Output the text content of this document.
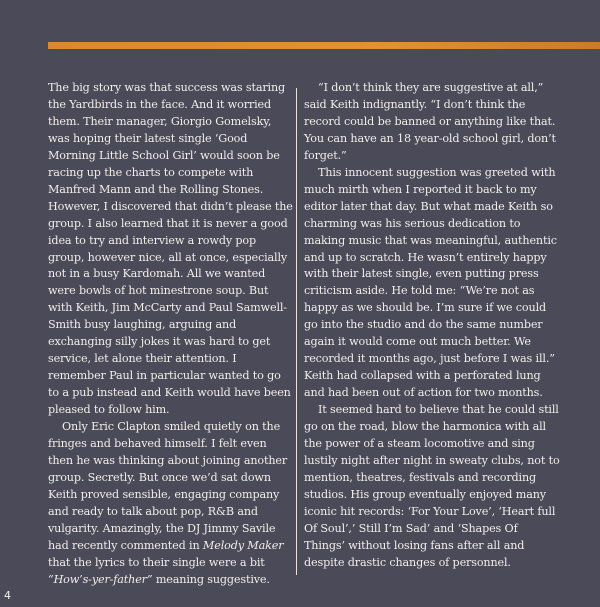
The big story was that success was staring the Yardbirds in the face. And it worried them. Their manager, Giorgio Gomelsky, was hoping their latest single ‘Good Morning Little School Girl’ would soon be racing up the charts to compete with Manfred Mann and the Rolling Stones. However, I discovered that didn’t please the group. I also learned that it is never a good idea to try and interview a rowdy pop group, however nice, all at once, especially not in a busy Kardomah. All we wanted were bowls of hot minestrone soup. But with Keith, Jim McCarty and Paul Samwell-Smith busy laughing, arguing and exchanging silly jokes it was hard to get service, let alone their attention. I remember Paul in particular wanted to go to a pub instead and Keith would have been pleased to follow him.

Only Eric Clapton smiled quietly on the fringes and behaved himself. I felt even then he was thinking about joining another group. Secretly. But once we’d sat down Keith proved sensible, engaging company and ready to talk about pop, R&B and vulgarity. Amazingly, the DJ Jimmy Savile had recently commented in Melody Maker that the lyrics to their single were a bit “How’s-yer-father” meaning suggestive.

“I don’t think they are suggestive at all,” said Keith indignantly. “I don’t think the record could be banned or anything like that. You can have an 18 year-old school girl, don’t forget.”

This innocent suggestion was greeted with much mirth when I reported it back to my editor later that day. But what made Keith so charming was his serious dedication to making music that was meaningful, authentic and up to scratch. He wasn’t entirely happy with their latest single, even putting press criticism aside. He told me: “We’re not as happy as we should be. I’m sure if we could go into the studio and do the same number again it would come out much better. We recorded it months ago, just before I was ill.” Keith had collapsed with a perforated lung and had been out of action for two months.

It seemed hard to believe that he could still go on the road, blow the harmonica with all the power of a steam locomotive and sing lustily night after night in sweaty clubs, not to mention, theatres, festivals and recording studios. His group eventually enjoyed many iconic hit records: ‘For Your Love’, ‘Heart full Of Soul’,’ Still I’m Sad’ and ‘Shapes Of Things’ without losing fans after all and despite drastic changes of personnel.

4
